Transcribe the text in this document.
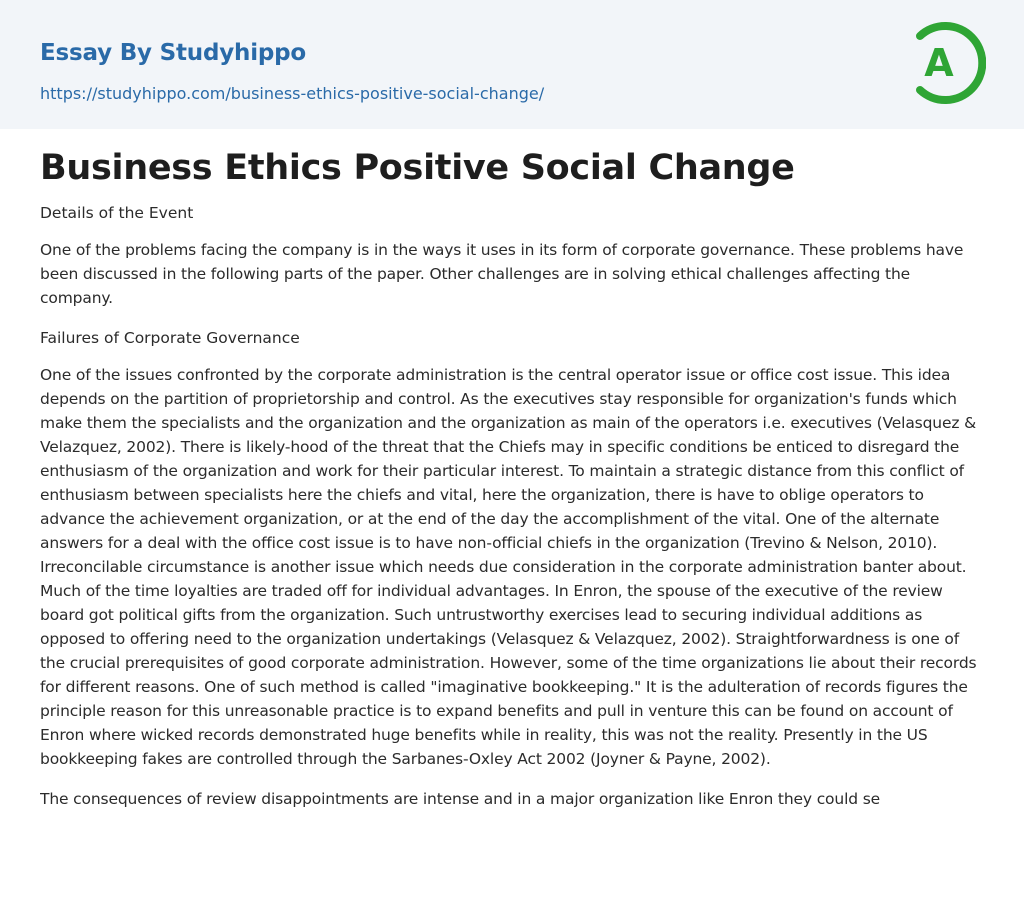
Essay By Studyhippo
https://studyhippo.com/business-ethics-positive-social-change/
A
Business Ethics Positive Social Change
Details of the Event

One of the problems facing the company is in the ways it uses in its form of corporate governance. These problems have been discussed in the following parts of the paper. Other challenges are in solving ethical challenges affecting the company.

Failures of Corporate Governance

One of the issues confronted by the corporate administration is the central operator issue or office cost issue. This idea depends on the partition of proprietorship and control. As the executives stay responsible for organization's funds which make them the specialists and the organization and the organization as main of the operators i.e. executives (Velasquez & Velazquez, 2002). There is likely-hood of the threat that the Chiefs may in specific conditions be enticed to disregard the enthusiasm of the organization and work for their particular interest. To maintain a strategic distance from this conflict of enthusiasm between specialists here the chiefs and vital, here the organization, there is have to oblige operators to advance the achievement organization, or at the end of the day the accomplishment of the vital. One of the alternate answers for a deal with the office cost issue is to have non-official chiefs in the organization (Trevino & Nelson, 2010).

Irreconcilable circumstance is another issue which needs due consideration in the corporate administration banter about. Much of the time loyalties are traded off for individual advantages. In Enron, the spouse of the executive of the review board got political gifts from the organization. Such untrustworthy exercises lead to securing individual additions as opposed to offering need to the organization undertakings (Velasquez & Velazquez, 2002). Straightforwardness is one of the crucial prerequisites of good corporate administration. However, some of the time organizations lie about their records for different reasons. One of such method is called "imaginative bookkeeping." It is the adulteration of records figures the principle reason for this unreasonable practice is to expand benefits and pull in venture this can be found on account of Enron where wicked records demonstrated huge benefits while in reality, this was not the reality. Presently in the US bookkeeping fakes are controlled through the Sarbanes-Oxley Act 2002 (Joyner & Payne, 2002).

The consequences of review disappointments are intense and in a major organization like Enron they could se
